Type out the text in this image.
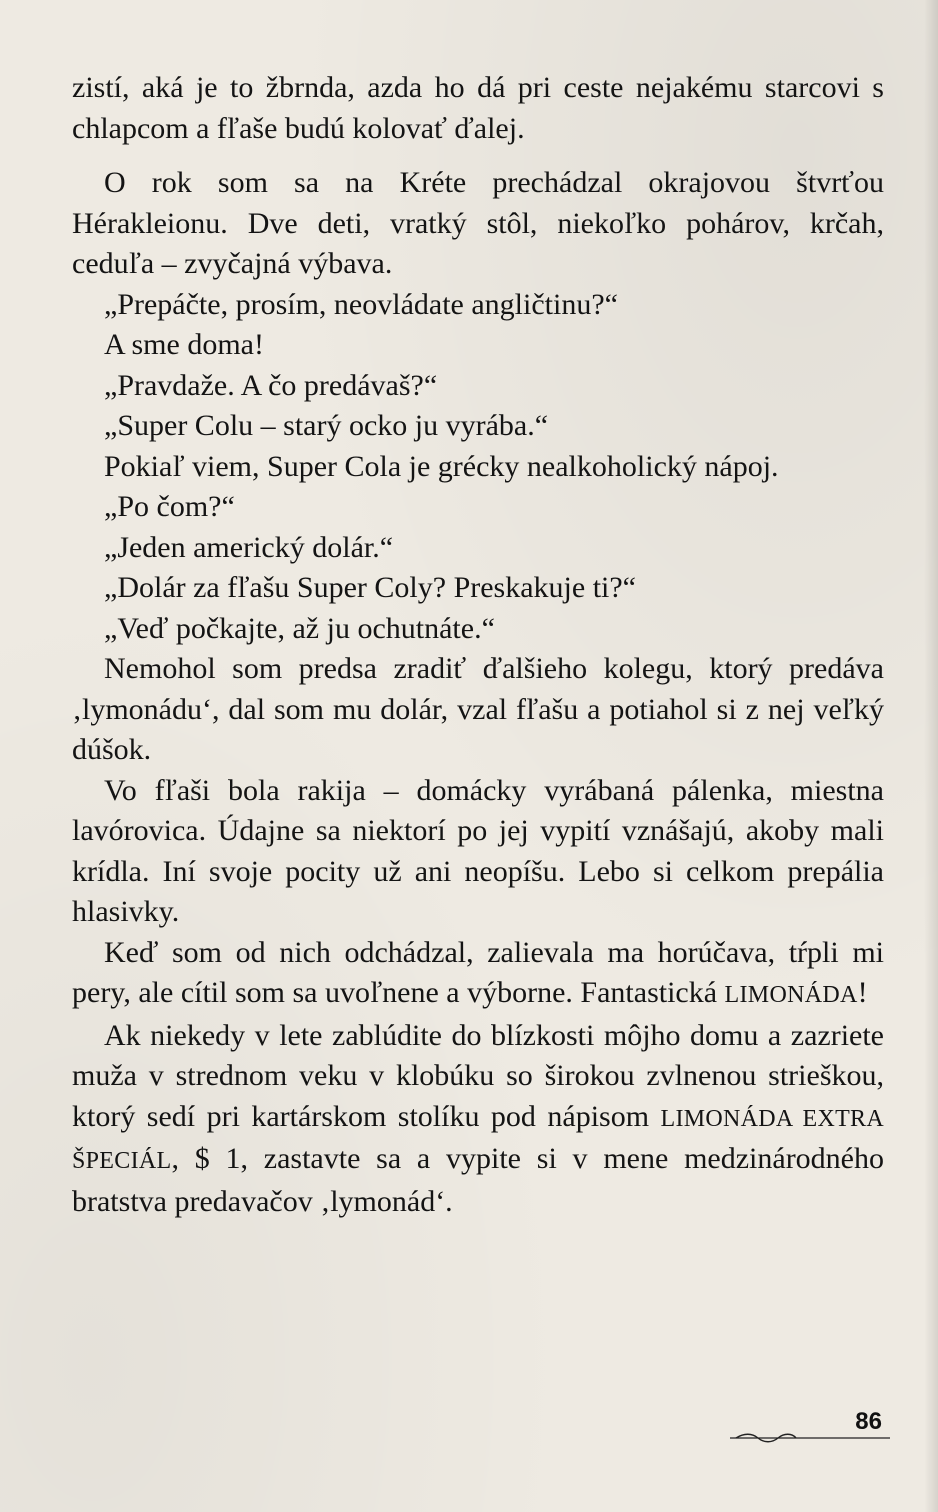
zistí, aká je to žbrnda, azda ho dá pri ceste nejakému starcovi s chlapcom a fľaše budú kolovať ďalej.

O rok som sa na Kréte prechádzal okrajovou štvrťou Hérakleionu. Dve deti, vratký stôl, niekoľko pohárov, krčah, ceduľa – zvyčajná výbava.

„Prepáčte, prosím, neovládate angličtinu?“

A sme doma!

„Pravdaže. A čo predávaš?“

„Super Colu – starý ocko ju vyrába.“

Pokiaľ viem, Super Cola je grécky nealkoholický nápoj.

„Po čom?“

„Jeden americký dolár.“

„Dolár za fľašu Super Coly? Preskakuje ti?“

„Veď počkajte, až ju ochutnáte.“

Nemohol som predsa zradiť ďalšieho kolegu, ktorý predáva ‚lymonádu‘, dal som mu dolár, vzal fľašu a potiahol si z nej veľký dúšok.

Vo fľaši bola rakija – domácky vyrábaná pálenka, miestna lavórovica. Údajne sa niektorí po jej vypití vznášajú, akoby mali krídla. Iní svoje pocity už ani neopíšu. Lebo si celkom prepália hlasivky.

Keď som od nich odchádzal, zalievala ma horúčava, tŕpli mi pery, ale cítil som sa uvoľnene a výborne. Fantastická LIMONÁDA!

Ak niekedy v lete zablúdite do blízkosti môjho domu a zazriete muža v strednom veku v klobúku so širokou zvlnenou strieškou, ktorý sedí pri kartárskom stolíku pod nápisom LIMONÁDA EXTRA ŠPECIÁL, $ 1, zastavte sa a vypite si v mene medzinárodného bratstva predavačov ‚lymonád‘.

86
